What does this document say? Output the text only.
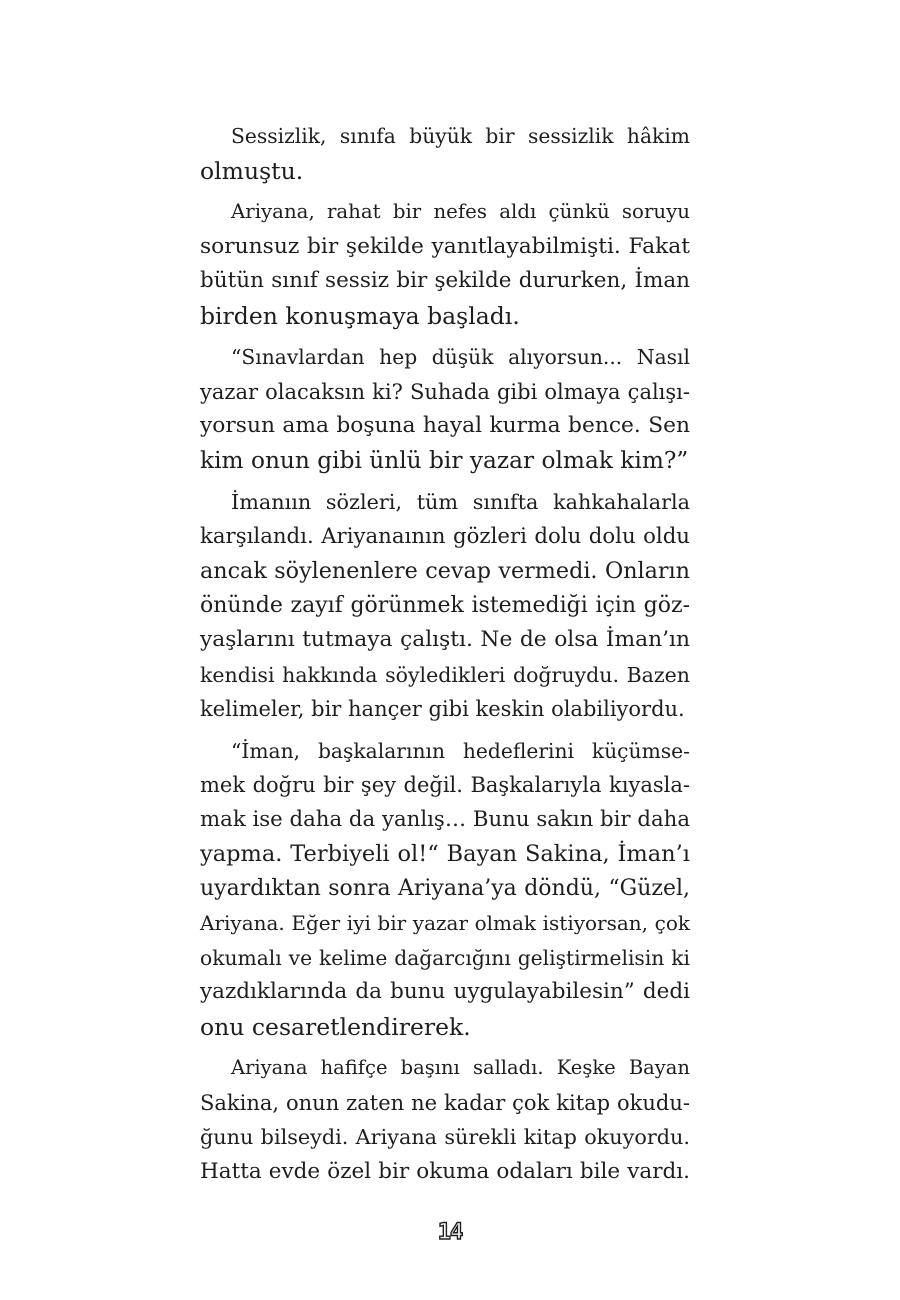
Sessizlik, sınıfa büyük bir sessizlik hâkim
olmuştu.
Ariyana, rahat bir nefes aldı çünkü soruyu
sorunsuz bir şekilde yanıtlayabilmişti. Fakat
bütün sınıf sessiz bir şekilde dururken, İman
birden konuşmaya başladı.
“Sınavlardan hep düşük alıyorsun... Nasıl
yazar olacaksın ki? Suhada gibi olmaya çalışı-
yorsun ama boşuna hayal kurma bence. Sen
kim onun gibi ünlü bir yazar olmak kim?”
İmanıın sözleri, tüm sınıfta kahkahalarla
karşılandı. Ariyanaının gözleri dolu dolu oldu
ancak söylenenlere cevap vermedi. Onların
önünde zayıf görünmek istemediği için göz-
yaşlarını tutmaya çalıştı. Ne de olsa İman’ın
kendisi hakkında söyledikleri doğruydu. Bazen
kelimeler, bir hançer gibi keskin olabiliyordu.
“İman, başkalarının hedeflerini küçümse-
mek doğru bir şey değil. Başkalarıyla kıyasla-
mak ise daha da yanlış… Bunu sakın bir daha
yapma. Terbiyeli ol!“ Bayan Sakina, İman’ı
uyardıktan sonra Ariyana’ya döndü, “Güzel,
Ariyana. Eğer iyi bir yazar olmak istiyorsan, çok
okumalı ve kelime dağarcığını geliştirmelisin ki
yazdıklarında da bunu uygulayabilesin” dedi
onu cesaretlendirerek.
Ariyana hafifçe başını salladı. Keşke Bayan
Sakina, onun zaten ne kadar çok kitap okudu-
ğunu bilseydi. Ariyana sürekli kitap okuyordu.
Hatta evde özel bir okuma odaları bile vardı.
14
